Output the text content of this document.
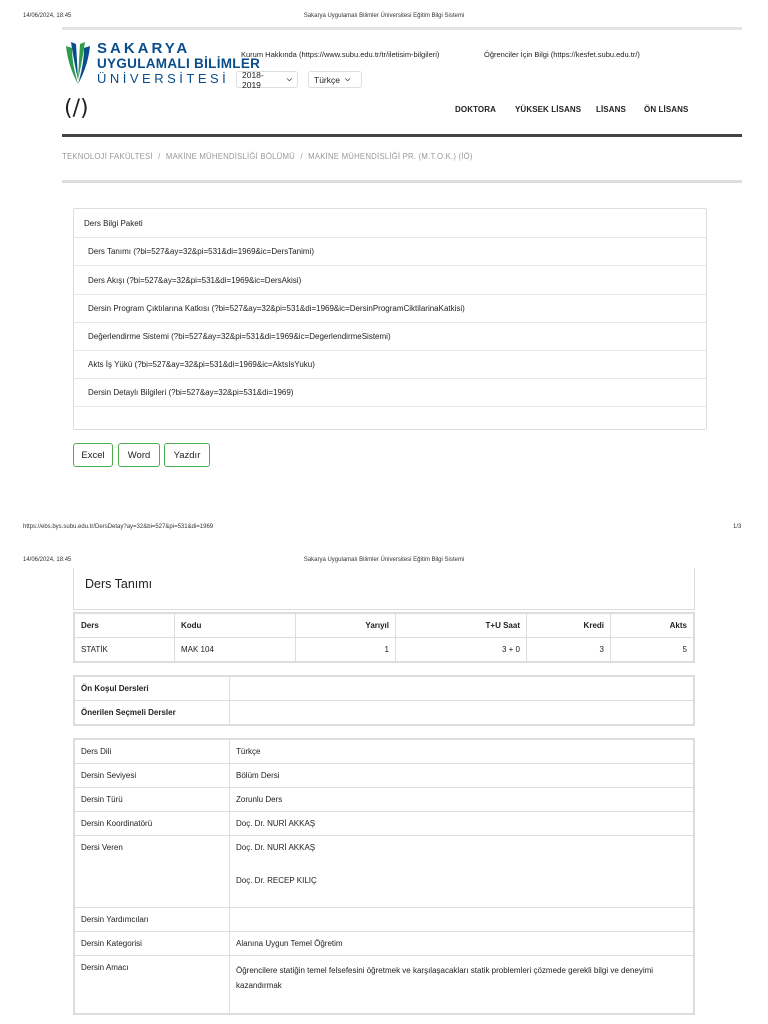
14/06/2024, 18:45	Sakarya Uygulamalı Bilimler Üniversitesi Eğitim Bilgi Sistemi
SAKARYA
UYGULAMALI BİLİMLER
ÜNİVERSİTESİ
Kurum Hakkında (https://www.subu.edu.tr/tr/iletisim-bilgileri)	Öğrenciler İçin Bilgi (https://kesfet.subu.edu.tr/)
2018-2019
⌵	Türkçe ⌵
(/)	DOKTORA YÜKSEK LİSANS LİSANS ÖN LİSANS
TEKNOLOJİ FAKÜLTESİ / MAKİNE MÜHENDİSLİĞİ BÖLÜMÜ / MAKİNE MÜHENDİSLİĞİ PR. (M.T.O.K.) (İÖ)
Ders Bilgi Paketi
Ders Tanımı (?bi=527&ay=32&pi=531&di=1969&ic=DersTanimi)
Ders Akışı (?bi=527&ay=32&pi=531&di=1969&ic=DersAkisi)
Dersin Program Çıktılarına Katkısı (?bi=527&ay=32&pi=531&di=1969&ic=DersinProgramCiktilarinaKatkisi)
Değerlendirme Sistemi (?bi=527&ay=32&pi=531&di=1969&ic=DegerlendirmeSistemi)
Akts İş Yükü (?bi=527&ay=32&pi=531&di=1969&ic=AktsIsYuku)
Dersin Detaylı Bilgileri (?bi=527&ay=32&pi=531&di=1969)
Excel	Word	Yazdır
https://ebs.bys.subu.edu.tr/DersDetay?ay=32&bi=527&pi=531&di=1969	1/3
14/06/2024, 18:45	Sakarya Uygulamalı Bilimler Üniversitesi Eğitim Bilgi Sistemi
Ders Tanımı
Ders	Kodu	Yarıyıl	T+U Saat	Kredi	Akts
STATİK	MAK 104	1	3 + 0	3	5
Ön Koşul Dersleri	
Önerilen Seçmeli Dersler	
Ders Dili	Türkçe
Dersin Seviyesi	Bölüm Dersi
Dersin Türü	Zorunlu Ders
Dersin Koordinatörü	Doç. Dr. NURİ AKKAŞ
Dersi Veren	Doç. Dr. NURİ AKKAŞ
Doç. Dr. RECEP KILIÇ

Dersin Yardımcıları	
Dersin Kategorisi	Alanına Uygun Temel Öğretim
Dersin Amacı	Öğrencilere statiğin temel felsefesini öğretmek ve karşılaşacakları statik problemleri çözmede gerekli bilgi ve deneyimi kazandırmak
